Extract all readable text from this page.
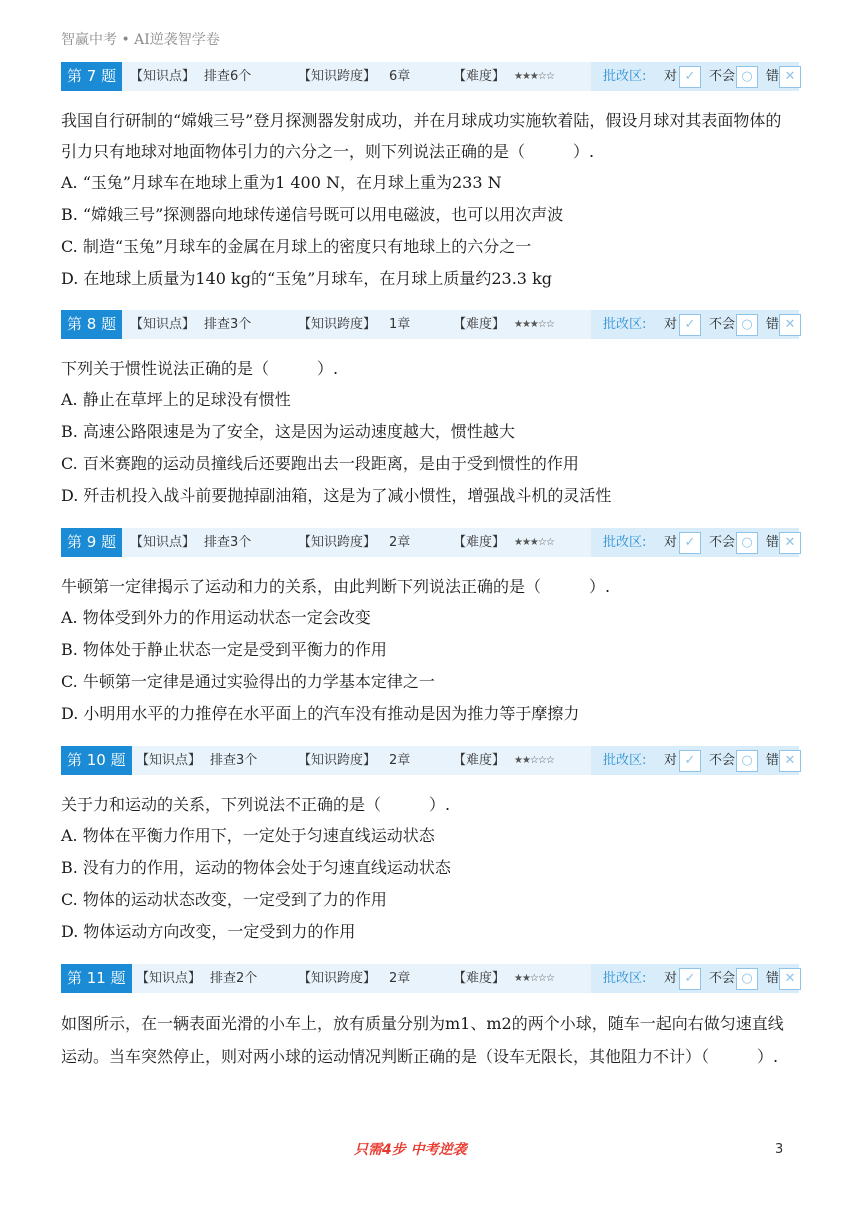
智赢中考 • AI逆袭智学卷
第 7 题	【知识点】 排查6个	【知识跨度】 6章	【难度】 ★★★☆☆	批改区: 对 ✓	不会 ○	错 ✕
我国自行研制的“嫦娥三号”登月探测器发射成功，并在月球成功实施软着陆，假设月球对其表面物体的引力只有地球对地面物体引力的六分之一，则下列说法正确的是（　　　）.
A. “玉兔”月球车在地球上重为1 400 N，在月球上重为233 N
B. “嫦娥三号”探测器向地球传递信号既可以用电磁波，也可以用次声波
C. 制造“玉兔”月球车的金属在月球上的密度只有地球上的六分之一
D. 在地球上质量为140 kg的“玉兔”月球车，在月球上质量约23.3 kg
第 8 题	【知识点】 排查3个	【知识跨度】 1章	【难度】 ★★★☆☆	批改区: 对 ✓	不会 ○	错 ✕
下列关于惯性说法正确的是（　　　）.
A. 静止在草坪上的足球没有惯性
B. 高速公路限速是为了安全，这是因为运动速度越大，惯性越大
C. 百米赛跑的运动员撞线后还要跑出去一段距离，是由于受到惯性的作用
D. 歼击机投入战斗前要抛掉副油箱，这是为了减小惯性，增强战斗机的灵活性
第 9 题	【知识点】 排查3个	【知识跨度】 2章	【难度】 ★★★☆☆	批改区: 对 ✓	不会 ○	错 ✕
牛顿第一定律揭示了运动和力的关系，由此判断下列说法正确的是（　　　）.
A. 物体受到外力的作用运动状态一定会改变
B. 物体处于静止状态一定是受到平衡力的作用
C. 牛顿第一定律是通过实验得出的力学基本定律之一
D. 小明用水平的力推停在水平面上的汽车没有推动是因为推力等于摩擦力
第 10 题 【知识点】 排查3个	【知识跨度】 2章	【难度】 ★★☆☆☆	批改区: 对 ✓	不会 ○	错 ✕
关于力和运动的关系，下列说法不正确的是（　　　）.
A. 物体在平衡力作用下，一定处于匀速直线运动状态
B. 没有力的作用，运动的物体会处于匀速直线运动状态
C. 物体的运动状态改变，一定受到了力的作用
D. 物体运动方向改变，一定受到力的作用
第 11 题 【知识点】 排查2个	【知识跨度】 2章	【难度】 ★★☆☆☆	批改区: 对 ✓	不会 ○	错 ✕
如图所示，在一辆表面光滑的小车上，放有质量分别为m1、m2的两个小球，随车一起向右做匀速直线运动。当车突然停止，则对两小球的运动情况判断正确的是（设车无限长，其他阻力不计）（　　　）.
只需4步 中考逆袭	3
